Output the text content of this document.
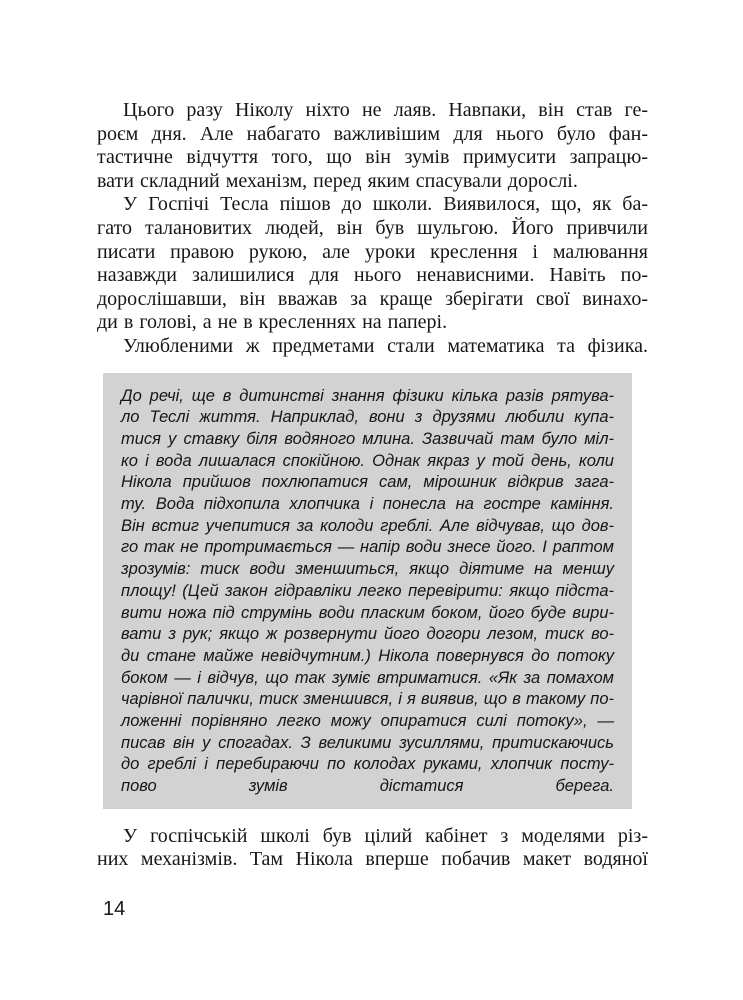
Цього разу Ніколу ніхто не лаяв. Навпаки, він став ге-
роєм дня. Але набагато важливішим для нього було фан-
тастичне відчуття того, що він зумів примусити запрацю-
вати складний механізм, перед яким спасували дорослі.
У Госпічі Тесла пішов до школи. Виявилося, що, як ба-
гато талановитих людей, він був шульгою. Його привчили
писати правою рукою, але уроки креслення і малювання
назавжди залишилися для нього ненависними. Навіть по-
дорослішавши, він вважав за краще зберігати свої винахо-
ди в голові, а не в кресленнях на папері.
Улюбленими ж предметами стали математика та фізика.
До речі, ще в дитинстві знання фізики кілька разів рятува-
ло Теслі життя. Наприклад, вони з друзями любили купа-
тися у ставку біля водяного млина. Зазвичай там було міл-
ко і вода лишалася спокійною. Однак якраз у той день, коли
Нікола прийшов похлюпатися сам, мірошник відкрив зага-
ту. Вода підхопила хлопчика і понесла на гостре каміння.
Він встиг учепитися за колоди греблі. Але відчував, що дов-
го так не протримається — напір води знесе його. І раптом
зрозумів: тиск води зменшиться, якщо діятиме на меншу
площу! (Цей закон гідравліки легко перевірити: якщо підста-
вити ножа під струмінь води пласким боком, його буде вири-
вати з рук; якщо ж розвернути його догори лезом, тиск во-
ди стане майже невідчутним.) Нікола повернувся до потоку
боком — і відчув, що так зуміє втриматися. «Як за помахом
чарівної палички, тиск зменшився, і я виявив, що в такому по-
ложенні порівняно легко можу опиратися силі потоку», —
писав він у спогадах. З великими зусиллями, притискаючись
до греблі і перебираючи по колодах руками, хлопчик посту-
пово зумів дістатися берега.
У госпічській школі був цілий кабінет з моделями різ-
них механізмів. Там Нікола вперше побачив макет водяної
14
